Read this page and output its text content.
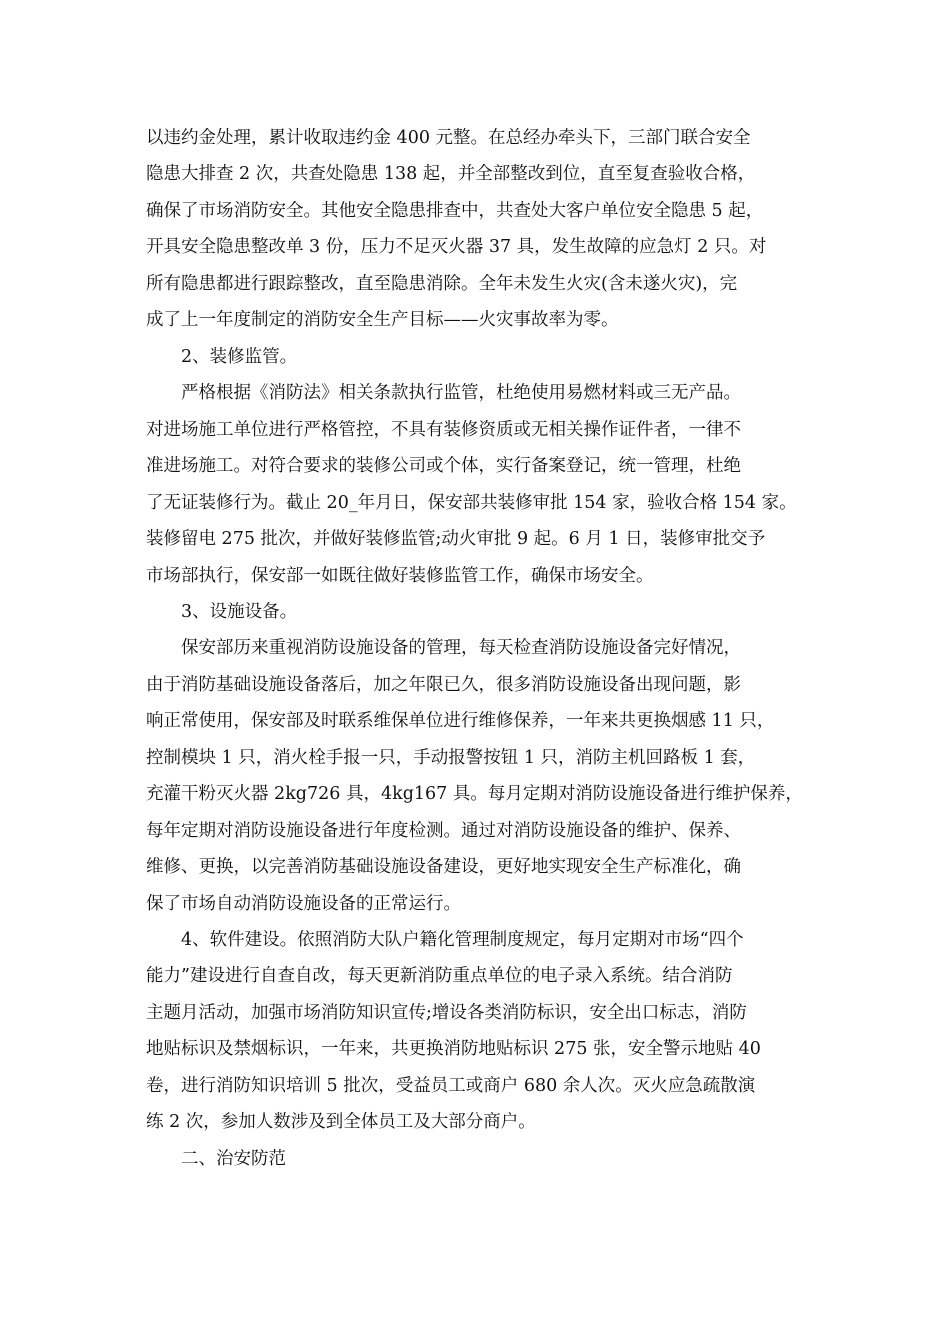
以违约金处理，累计收取违约金 400 元整。在总经办牵头下，三部门联合安全
隐患大排查 2 次，共查处隐患 138 起，并全部整改到位，直至复查验收合格，
确保了市场消防安全。其他安全隐患排查中，共查处大客户单位安全隐患 5 起，
开具安全隐患整改单 3 份，压力不足灭火器 37 具，发生故障的应急灯 2 只。对
所有隐患都进行跟踪整改，直至隐患消除。全年未发生火灾(含未遂火灾)，完
成了上一年度制定的消防安全生产目标——火灾事故率为零。
2、装修监管。
严格根据《消防法》相关条款执行监管，杜绝使用易燃材料或三无产品。
对进场施工单位进行严格管控，不具有装修资质或无相关操作证件者，一律不
准进场施工。对符合要求的装修公司或个体，实行备案登记，统一管理，杜绝
了无证装修行为。截止 20_年月日，保安部共装修审批 154 家，验收合格 154 家。
装修留电 275 批次，并做好装修监管;动火审批 9 起。6 月 1 日，装修审批交予
市场部执行，保安部一如既往做好装修监管工作，确保市场安全。
3、设施设备。
保安部历来重视消防设施设备的管理，每天检查消防设施设备完好情况，
由于消防基础设施设备落后，加之年限已久，很多消防设施设备出现问题，影
响正常使用，保安部及时联系维保单位进行维修保养，一年来共更换烟感 11 只，
控制模块 1 只，消火栓手报一只，手动报警按钮 1 只，消防主机回路板 1 套，
充灌干粉灭火器 2kg726 具，4kg167 具。每月定期对消防设施设备进行维护保养，
每年定期对消防设施设备进行年度检测。通过对消防设施设备的维护、保养、
维修、更换，以完善消防基础设施设备建设，更好地实现安全生产标准化，确
保了市场自动消防设施设备的正常运行。
4、软件建设。依照消防大队户籍化管理制度规定，每月定期对市场“四个
能力”建设进行自查自改，每天更新消防重点单位的电子录入系统。结合消防
主题月活动，加强市场消防知识宣传;增设各类消防标识，安全出口标志，消防
地贴标识及禁烟标识，一年来，共更换消防地贴标识 275 张，安全警示地贴 40
卷，进行消防知识培训 5 批次，受益员工或商户 680 余人次。灭火应急疏散演
练 2 次，参加人数涉及到全体员工及大部分商户。
二、治安防范
